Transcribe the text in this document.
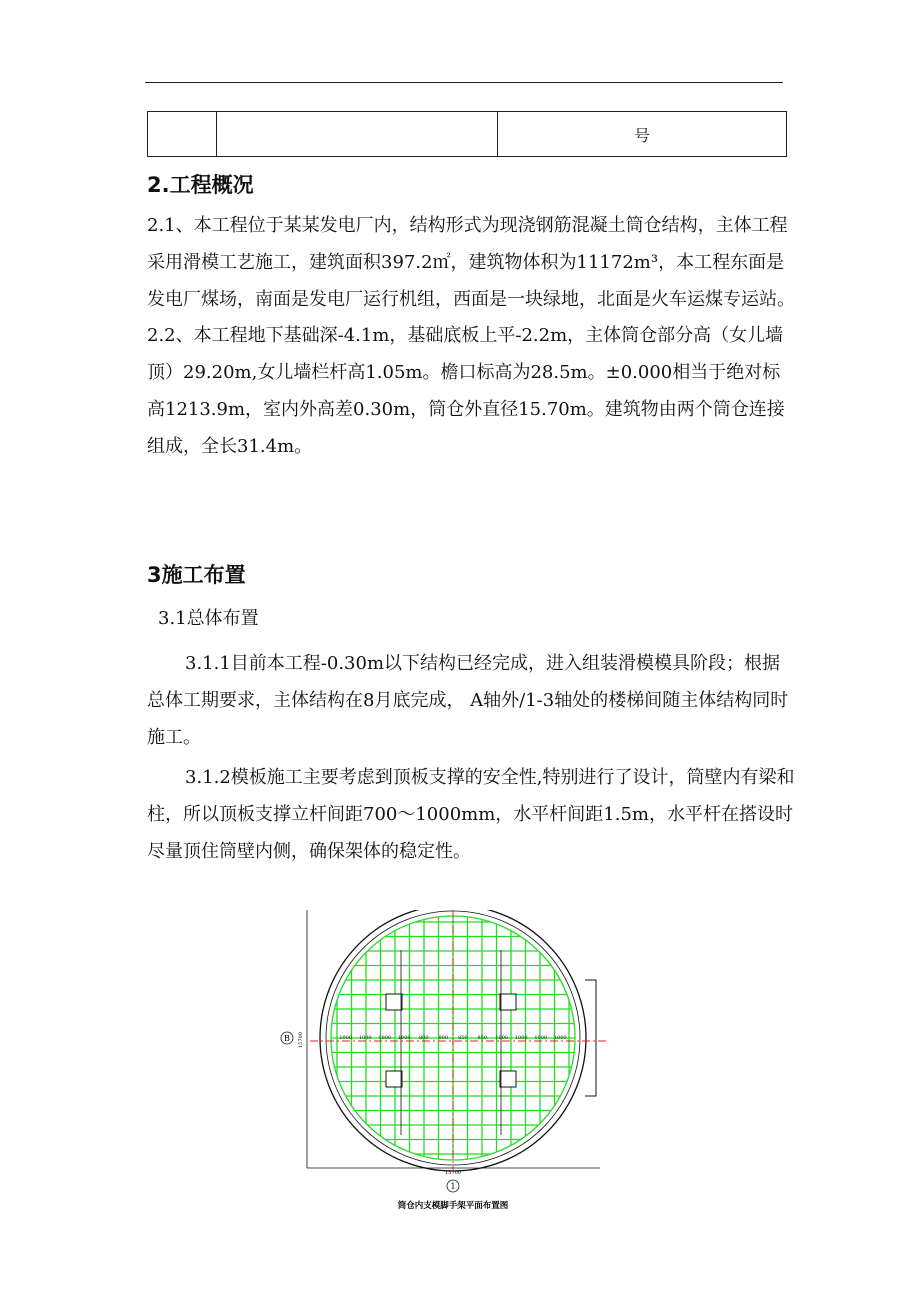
		号
2.工程概况

2.1、本工程位于某某发电厂内，结构形式为现浇钢筋混凝土筒仓结构，主体工程采用滑模工艺施工，建筑面积397.2㎡，建筑物体积为11172m³，本工程东面是发电厂煤场，南面是发电厂运行机组，西面是一块绿地，北面是火车运煤专运站。

2.2、本工程地下基础深-4.1m，基础底板上平-2.2m，主体筒仓部分高（女儿墙顶）29.20m,女儿墙栏杆高1.05m。檐口标高为28.5m。±0.000相当于绝对标高1213.9m，室内外高差0.30m，筒仓外直径15.70m。建筑物由两个筒仓连接组成，全长31.4m。

3施工布置
3.1总体布置

3.1.1目前本工程-0.30m以下结构已经完成，进入组装滑模模具阶段；根据总体工期要求，主体结构在8月底完成， A轴外/1-3轴处的楼梯间随主体结构同时施工。

3.1.2模板施工主要考虑到顶板支撑的安全性,特别进行了设计，筒壁内有梁和柱，所以顶板支撑立杆间距700～1000mm，水平杆间距1.5m，水平杆在搭设时尽量顶住筒壁内侧，确保架体的稳定性。

1000 1000 1000 1000 800 800 850 850 1000 1000 1000 1000
15700
B
15700
1
筒仓内支模脚手架平面布置图
